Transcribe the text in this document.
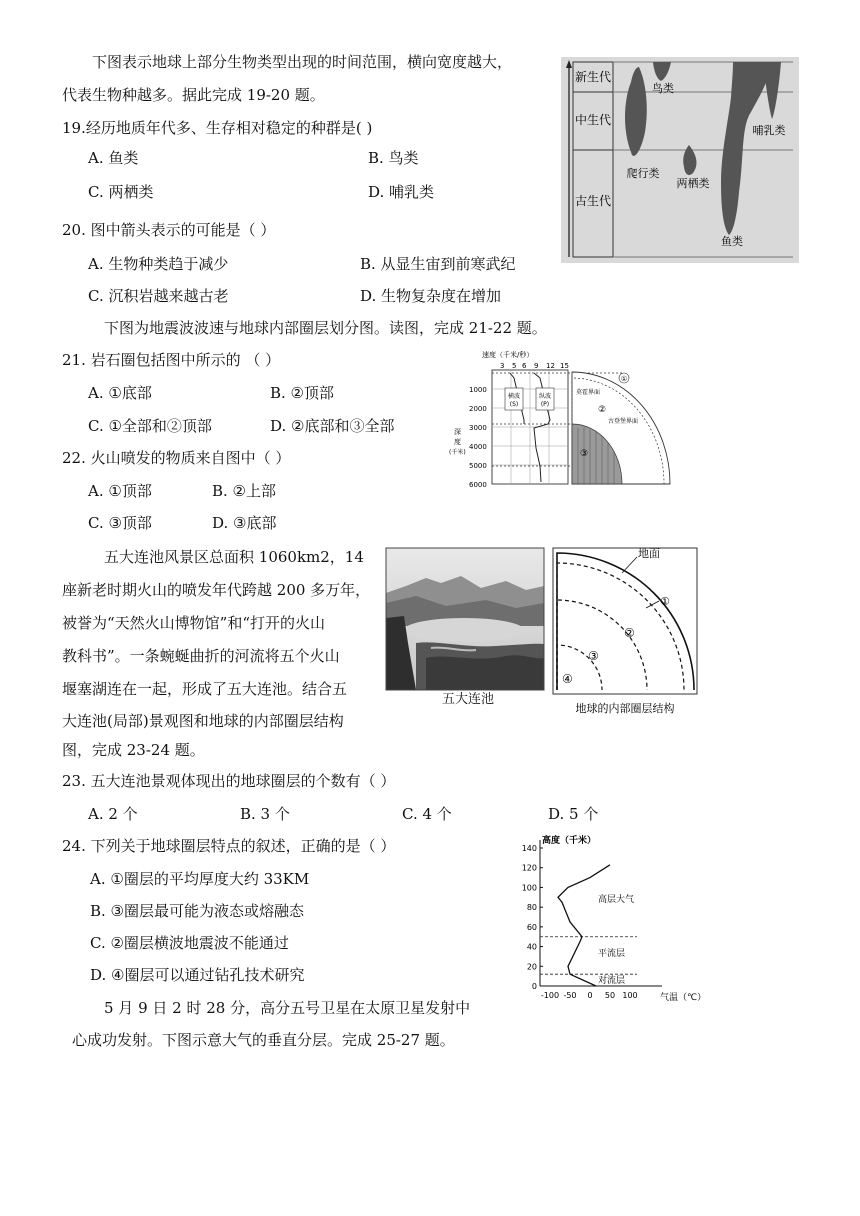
下图表示地球上部分生物类型出现的时间范围，横向宽度越大，
代表生物种越多。据此完成 19-20 题。
19.经历地质年代多、生存相对稳定的种群是( )
A. 鱼类	B. 鸟类
C. 两栖类	D. 哺乳类
20. 图中箭头表示的可能是（ ）
A. 生物种类趋于减少	B. 从显生宙到前寒武纪
C. 沉积岩越来越古老	D. 生物复杂度在增加
新生代
中生代
古生代
鸟类
哺乳类
爬行类
两栖类
鱼类
下图为地震波波速与地球内部圈层划分图。读图，完成 21-22 题。
21. 岩石圈包括图中所示的 （ ）
A. ①底部	B. ②顶部
C. ①全部和②顶部	D. ②底部和③全部
22. 火山喷发的物质来自图中（ ）
A. ①顶部	B. ②上部
C. ③顶部	D. ③底部
速度（千米/秒）
3 5 6 9 12 15
1000
2000
3000
4000
5000
6000
深
度
(千米)
横波
(S)
纵波
(P)
莫霍界面
古登堡界面
①
②
③
五大连池风景区总面积 1060km2，14
座新老时期火山的喷发年代跨越 200 多万年，
被誉为“天然火山博物馆”和“打开的火山
教科书”。一条蜿蜒曲折的河流将五个火山
堰塞湖连在一起，形成了五大连池。结合五
大连池(局部)景观图和地球的内部圈层结构
图，完成 23-24 题。
五大连池
地面
①
②
③
④
地球的内部圈层结构
23. 五大连池景观体现出的地球圈层的个数有（ ）
A. 2 个	B. 3 个	C. 4 个	D. 5 个
24. 下列关于地球圈层特点的叙述，正确的是（ ）
A. ①圈层的平均厚度大约 33KM
B. ③圈层最可能为液态或熔融态
C. ②圈层横波地震波不能通过
D. ④圈层可以通过钻孔技术研究
5 月 9 日 2 时 28 分，高分五号卫星在太原卫星发射中
心成功发射。下图示意大气的垂直分层。完成 25-27 题。
140
120
100
80
60
40
20
0
-100 -50 0 50 100
高度（千米）
气温（℃）
高层大气
平流层
对流层
